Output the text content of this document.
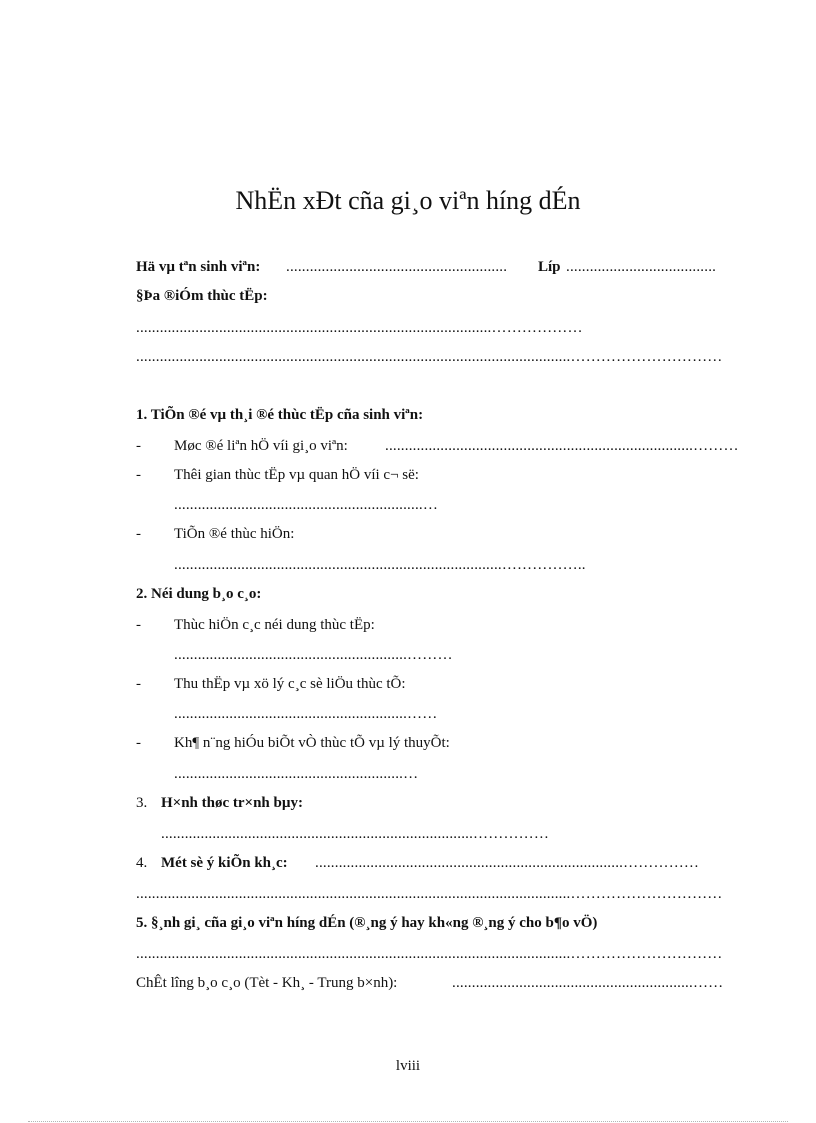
NhËn xÐt cña gi¸o viªn híng dÉn
Hä vµ tªn sinh viªn: ........................................................ Líp ......................................
§Þa ®iÓm thùc tËp:
..........................................................................................………………
..............................................................................................................…………………………
1. TiÕn ®é vµ th¸i ®é thùc tËp cña sinh viªn:
- Møc ®é liªn hÖ víi gi¸o viªn: ..............................................................................………
- Thêi gian thùc tËp vµ quan hÖ víi c¬ së:
...............................................................…
- TiÕn ®é thùc hiÖn:
...................................................................................……………..
2. Néi dung b¸o c¸o:
- Thùc hiÖn c¸c néi dung thùc tËp:
...........................................................………
- Thu thËp vµ xö lý c¸c sè liÖu thùc tÕ:
...........................................................……
- Kh¶ n¨ng hiÓu biÕt vÒ thùc tÕ vµ lý thuyÕt:
..........................................................…
3. H×nh thøc tr×nh bµy:
...............................................................................……………
4. Mét sè ý kiÕn kh¸c: ..............................................................................……………
..............................................................................................................…………………………
5. §¸nh gi¸ cña gi¸o viªn híng dÉn (®¸ng ý hay kh«ng ®¸ng ý cho b¶o vÖ)
..............................................................................................................…………………………
ChÊt lîng b¸o c¸o (Tèt - Kh¸ - Trung b×nh):	.............................................................……
lviii
